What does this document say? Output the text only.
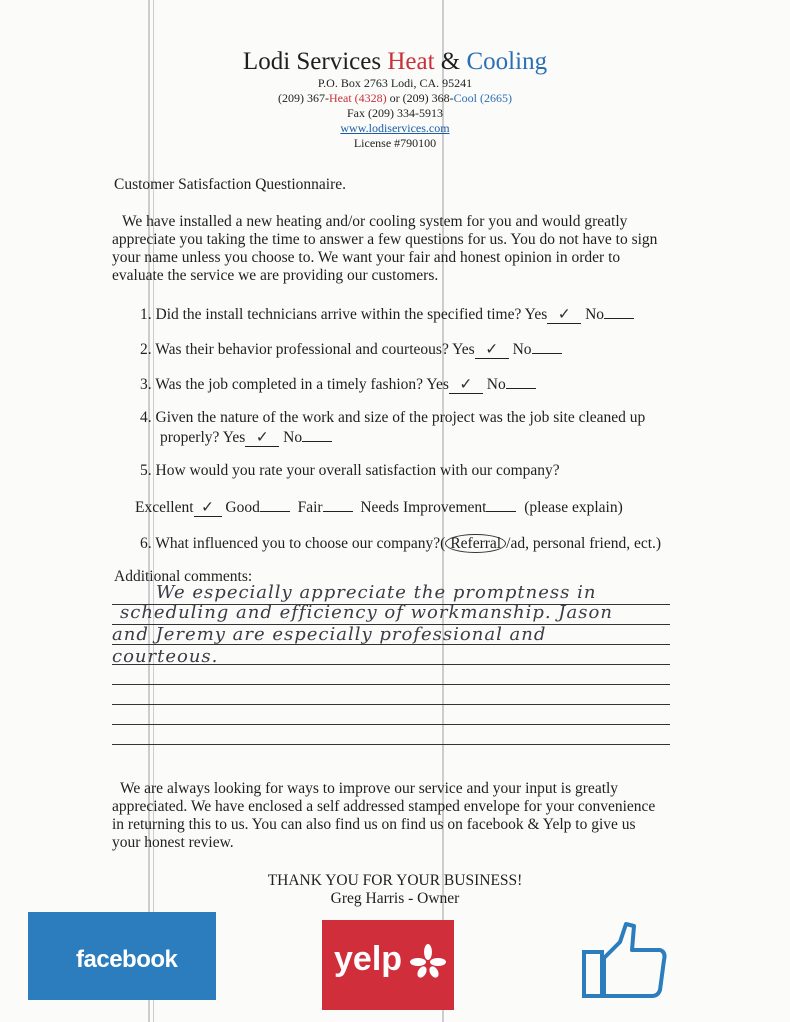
Lodi Services Heat & Cooling
P.O. Box 2763 Lodi, CA. 95241
(209) 367-Heat (4328) or (209) 368-Cool (2665)
Fax (209) 334-5913
www.lodiservices.com
License #790100
Customer Satisfaction Questionnaire.
We have installed a new heating and/or cooling system for you and would greatly
appreciate you taking the time to answer a few questions for us. You do not have to sign
your name unless you choose to. We want your fair and honest opinion in order to
evaluate the service we are providing our customers.
1. Did the install technicians arrive within the specified time? Yes ✓ No
2. Was their behavior professional and courteous? Yes ✓ No
3. Was the job completed in a timely fashion? Yes ✓ No
4. Given the nature of the work and size of the project was the job site cleaned up
properly? Yes ✓ No
5. How would you rate your overall satisfaction with our company?
Excellent ✓ Good Fair Needs Improvement (please explain)
6. What influenced you to choose our company?( Referral /ad, personal friend, ect.)
Additional comments:
We especially appreciate the promptness in
scheduling and efficiency of workmanship. Jason
and Jeremy are especially professional and
courteous.
We are always looking for ways to improve our service and your input is greatly
appreciated. We have enclosed a self addressed stamped envelope for your convenience
in returning this to us. You can also find us on find us on facebook & Yelp to give us
your honest review.
THANK YOU FOR YOUR BUSINESS!
Greg Harris - Owner
facebook	yelp
